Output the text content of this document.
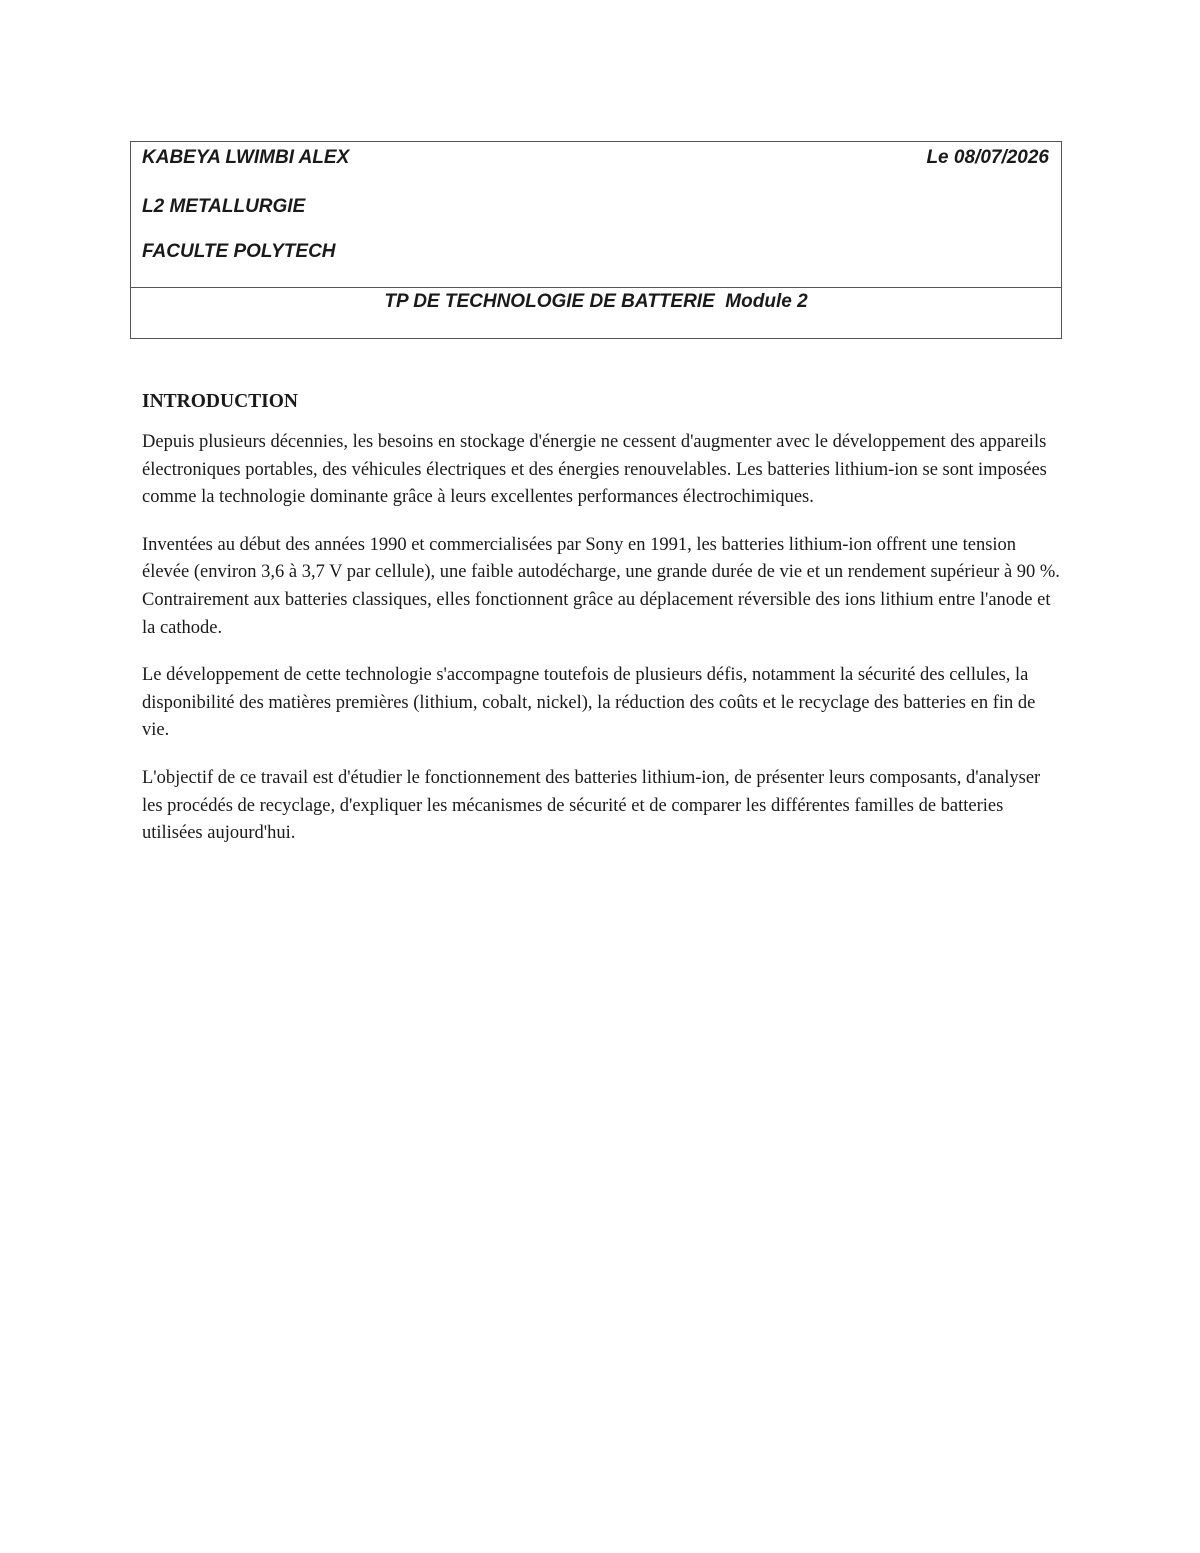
KABEYA LWIMBI ALEX	Le 08/07/2026
L2 METALLURGIE
FACULTE POLYTECH
TP DE TECHNOLOGIE DE BATTERIE  Module 2
INTRODUCTION

Depuis plusieurs décennies, les besoins en stockage d'énergie ne cessent d'augmenter avec le développement des appareils électroniques portables, des véhicules électriques et des énergies renouvelables. Les batteries lithium-ion se sont imposées comme la technologie dominante grâce à leurs excellentes performances électrochimiques.

Inventées au début des années 1990 et commercialisées par Sony en 1991, les batteries lithium-ion offrent une tension élevée (environ 3,6 à 3,7 V par cellule), une faible autodécharge, une grande durée de vie et un rendement supérieur à 90 %. Contrairement aux batteries classiques, elles fonctionnent grâce au déplacement réversible des ions lithium entre l'anode et la cathode.

Le développement de cette technologie s'accompagne toutefois de plusieurs défis, notamment la sécurité des cellules, la disponibilité des matières premières (lithium, cobalt, nickel), la réduction des coûts et le recyclage des batteries en fin de vie.

L'objectif de ce travail est d'étudier le fonctionnement des batteries lithium-ion, de présenter leurs composants, d'analyser les procédés de recyclage, d'expliquer les mécanismes de sécurité et de comparer les différentes familles de batteries utilisées aujourd'hui.
